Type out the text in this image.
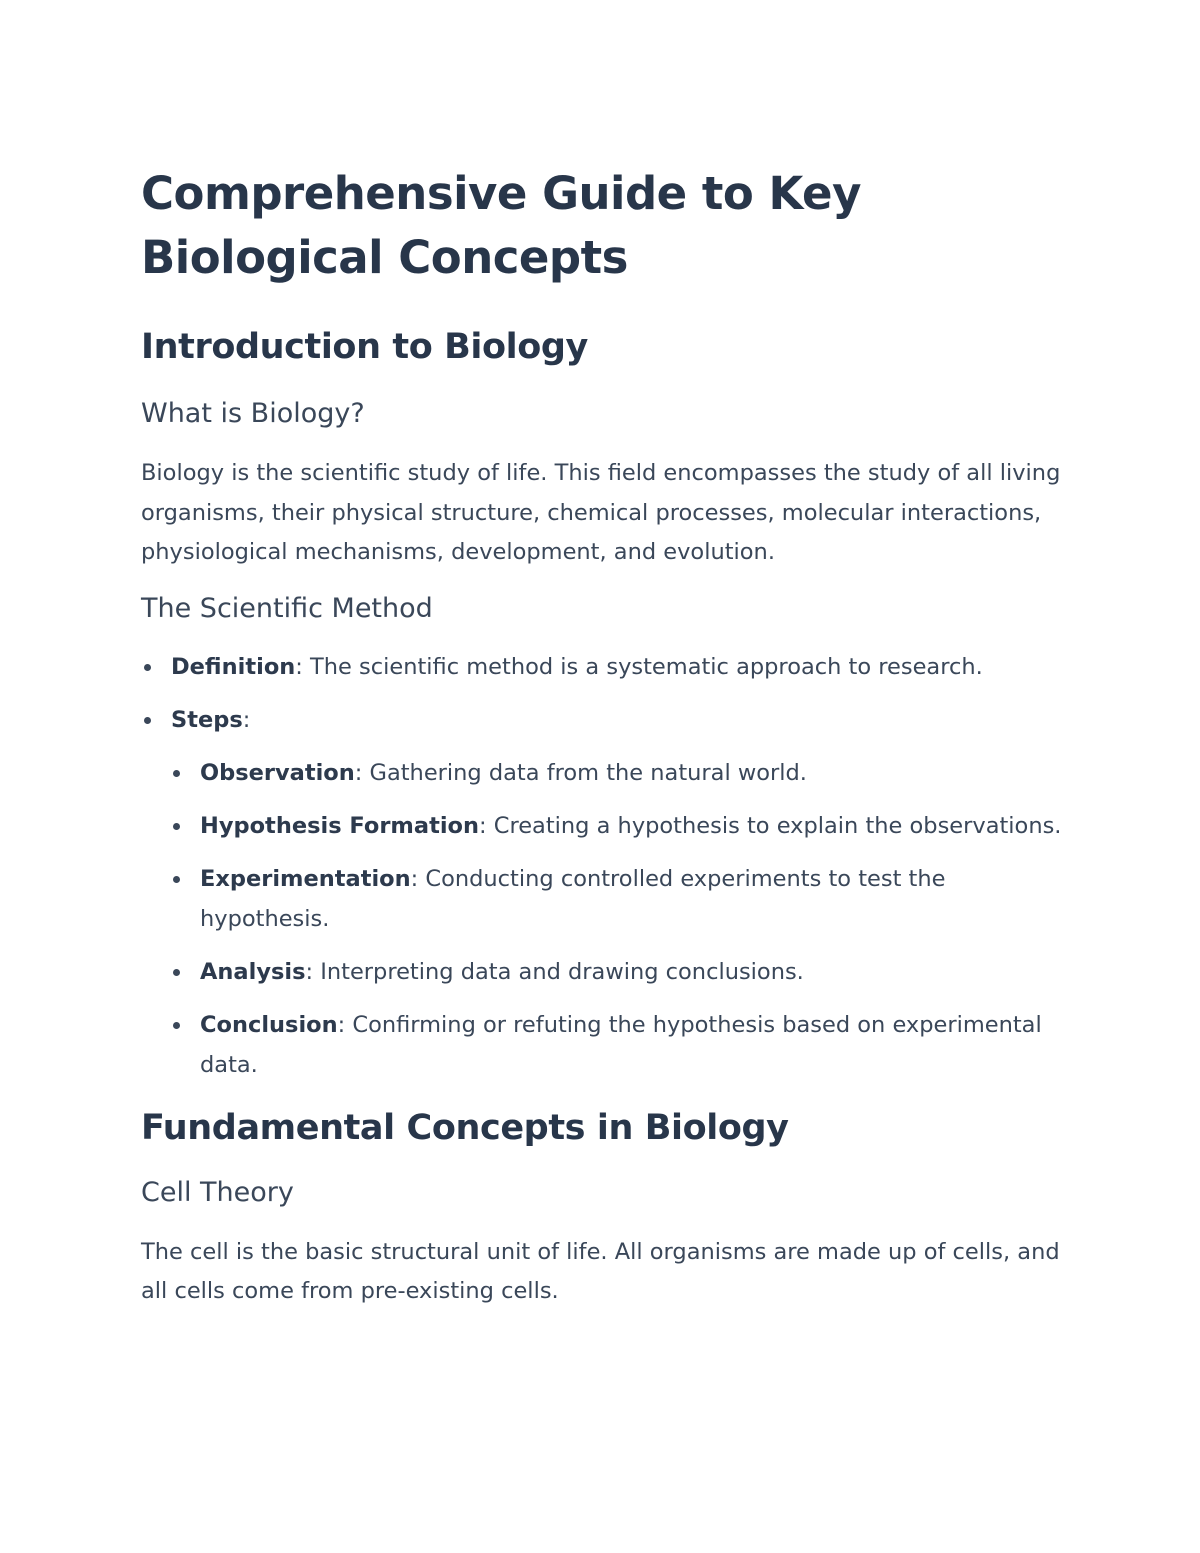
Comprehensive Guide to Key Biological Concepts
Introduction to Biology
What is Biology?

Biology is the scientific study of life. This field encompasses the study of all living organisms, their physical structure, chemical processes, molecular interactions, physiological mechanisms, development, and evolution.

The Scientific Method
Definition: The scientific method is a systematic approach to research.
Steps:
Observation: Gathering data from the natural world.
Hypothesis Formation: Creating a hypothesis to explain the observations.
Experimentation: Conducting controlled experiments to test the hypothesis.
Analysis: Interpreting data and drawing conclusions.
Conclusion: Confirming or refuting the hypothesis based on experimental data.
Fundamental Concepts in Biology
Cell Theory

The cell is the basic structural unit of life. All organisms are made up of cells, and all cells come from pre-existing cells.
